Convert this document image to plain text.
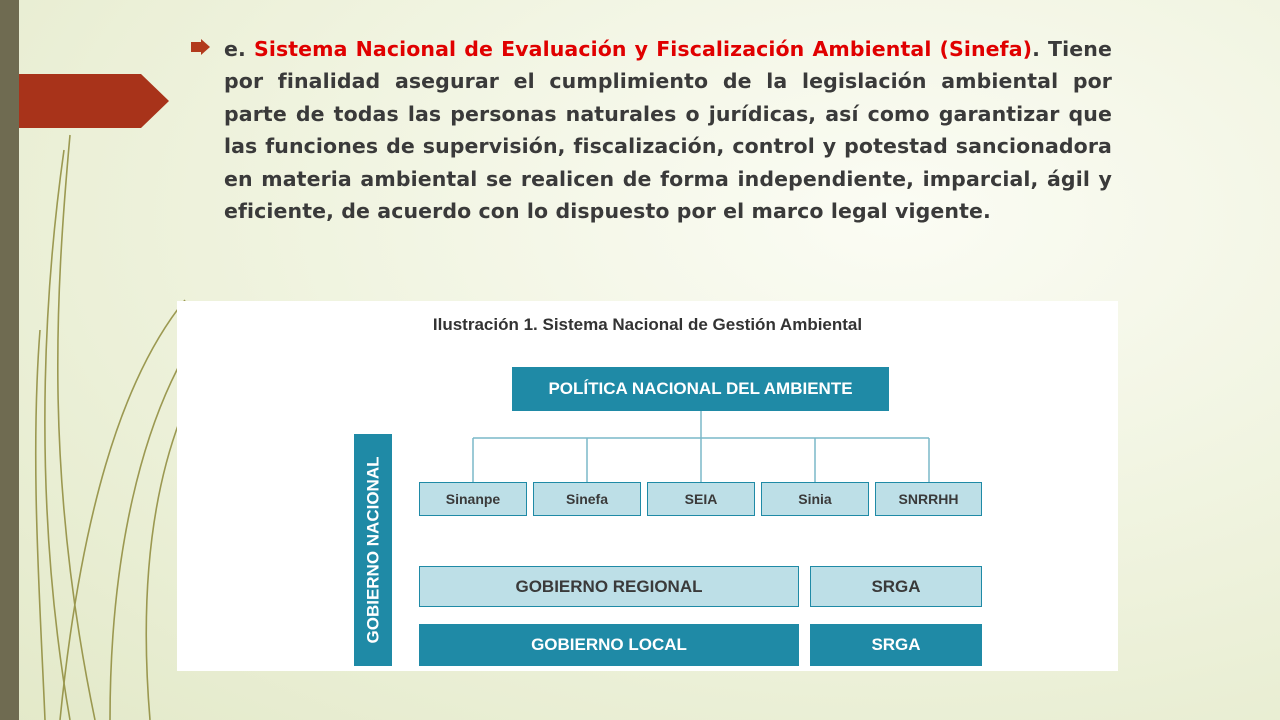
e. Sistema Nacional de Evaluación y Fiscalización Ambiental (Sinefa). Tiene por finalidad asegurar el cumplimiento de la legislación ambiental por parte de todas las personas naturales o jurídicas, así como garantizar que las funciones de supervisión, fiscalización, control y potestad sancionadora en materia ambiental se realicen de forma independiente, imparcial, ágil y eficiente, de acuerdo con lo dispuesto por el marco legal vigente.
Ilustración 1. Sistema Nacional de Gestión Ambiental
POLÍTICA NACIONAL DEL AMBIENTE
GOBIERNO NACIONAL	Sinanpe	Sinefa	SEIA	Sinia	SNRRHH
GOBIERNO REGIONAL	SRGA
GOBIERNO LOCAL	SRGA
